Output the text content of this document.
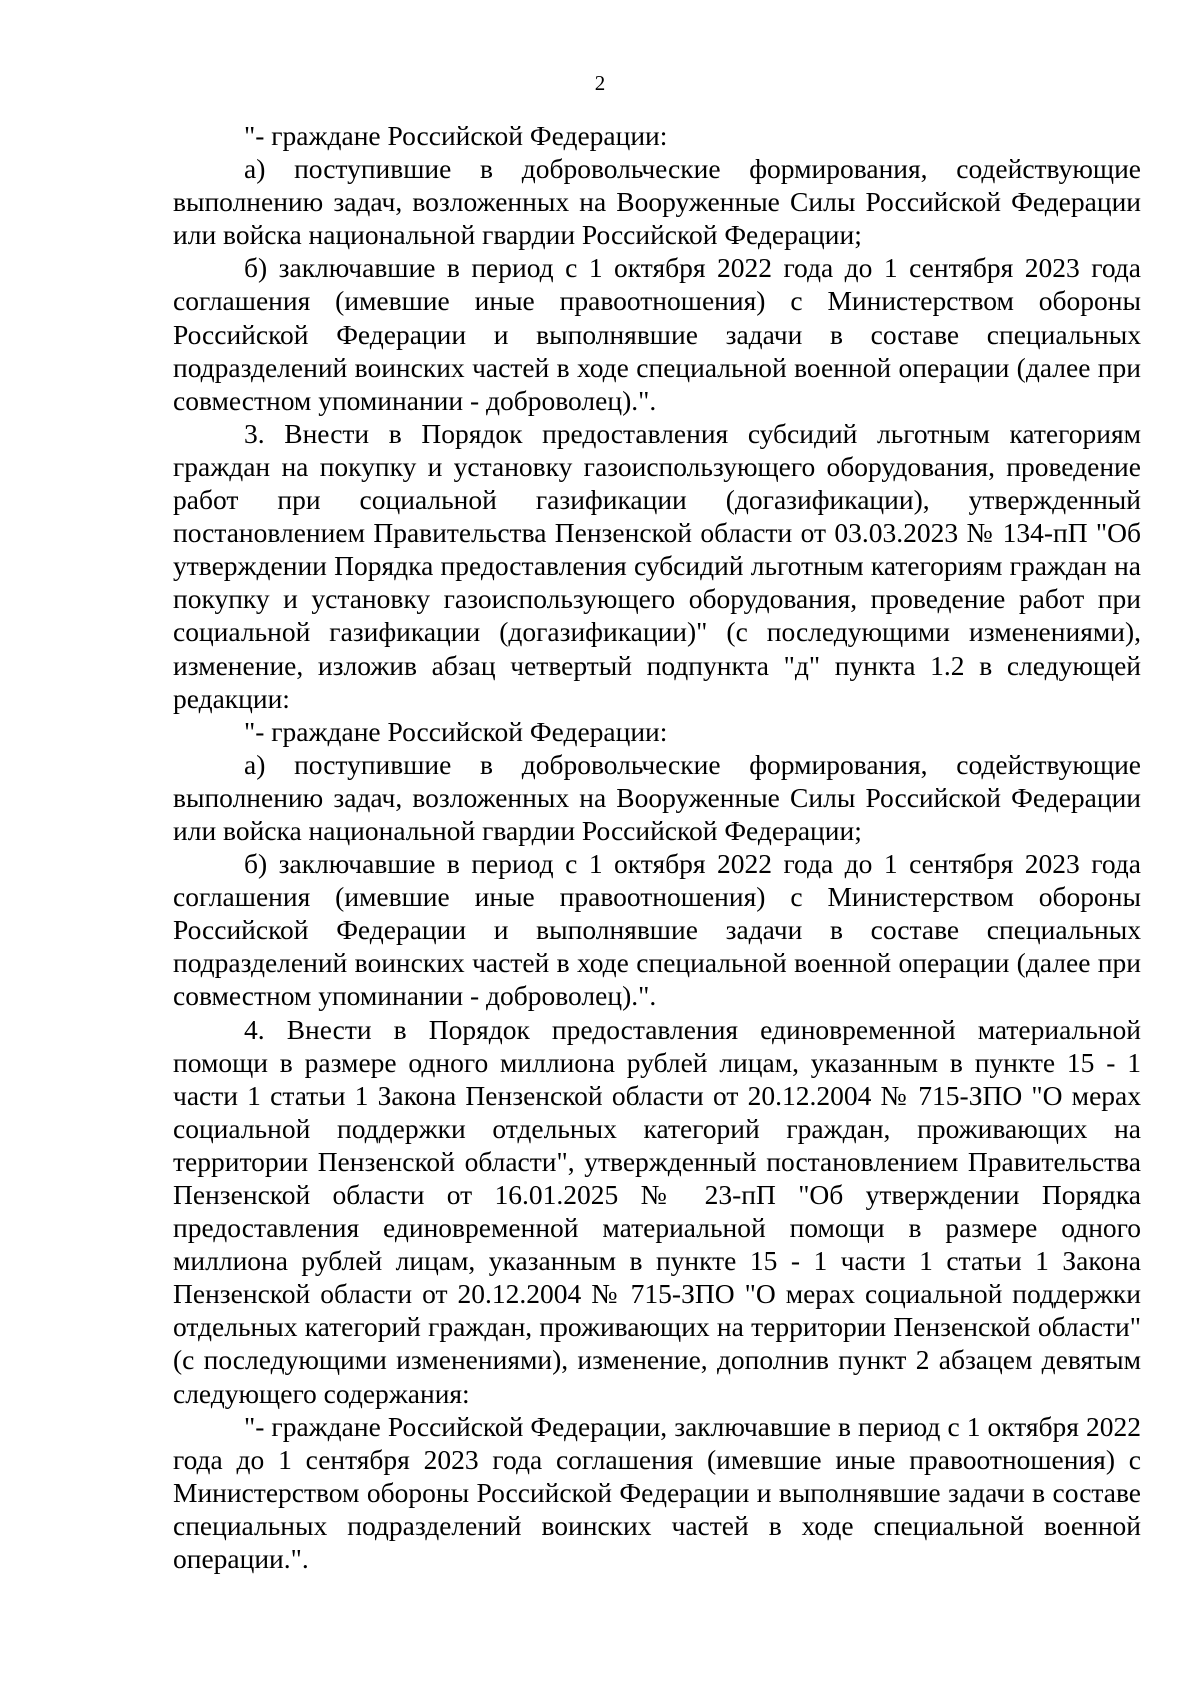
2

"- граждане Российской Федерации:

а) поступившие в добровольческие формирования, содействующие выполнению задач, возложенных на Вооруженные Силы Российской Федерации или войска национальной гвардии Российской Федерации;

б) заключавшие в период с 1 октября 2022 года до 1 сентября 2023 года соглашения (имевшие иные правоотношения) с Министерством обороны Российской Федерации и выполнявшие задачи в составе специальных подразделений воинских частей в ходе специальной военной операции (далее при совместном упоминании - доброволец).".

3. Внести в Порядок предоставления субсидий льготным категориям граждан на покупку и установку газоиспользующего оборудования, проведение работ при социальной газификации (догазификации), утвержденный постановлением Правительства Пензенской области от 03.03.2023 № 134-пП "Об утверждении Порядка предоставления субсидий льготным категориям граждан на покупку и установку газоиспользующего оборудования, проведение работ при социальной газификации (догазификации)" (с последующими изменениями), изменение, изложив абзац четвертый подпункта "д" пункта 1.2 в следующей редакции:

"- граждане Российской Федерации:

а) поступившие в добровольческие формирования, содействующие выполнению задач, возложенных на Вооруженные Силы Российской Федерации или войска национальной гвардии Российской Федерации;

б) заключавшие в период с 1 октября 2022 года до 1 сентября 2023 года соглашения (имевшие иные правоотношения) с Министерством обороны Российской Федерации и выполнявшие задачи в составе специальных подразделений воинских частей в ходе специальной военной операции (далее при совместном упоминании - доброволец).".

4. Внести в Порядок предоставления единовременной материальной помощи в размере одного миллиона рублей лицам, указанным в пункте 15 - 1 части 1 статьи 1 Закона Пензенской области от 20.12.2004 № 715-ЗПО "О мерах социальной поддержки отдельных категорий граждан, проживающих на территории Пензенской области", утвержденный постановлением Правительства Пензенской области от 16.01.2025 № 23-пП "Об утверждении Порядка предоставления единовременной материальной помощи в размере одного миллиона рублей лицам, указанным в пункте 15 - 1 части 1 статьи 1 Закона Пензенской области от 20.12.2004 № 715-ЗПО "О мерах социальной поддержки отдельных категорий граждан, проживающих на территории Пензенской области" (с последующими изменениями), изменение, дополнив пункт 2 абзацем девятым следующего содержания:

"- граждане Российской Федерации, заключавшие в период с 1 октября 2022 года до 1 сентября 2023 года соглашения (имевшие иные правоотношения) с Министерством обороны Российской Федерации и выполнявшие задачи в составе специальных подразделений воинских частей в ходе специальной военной операции.".
